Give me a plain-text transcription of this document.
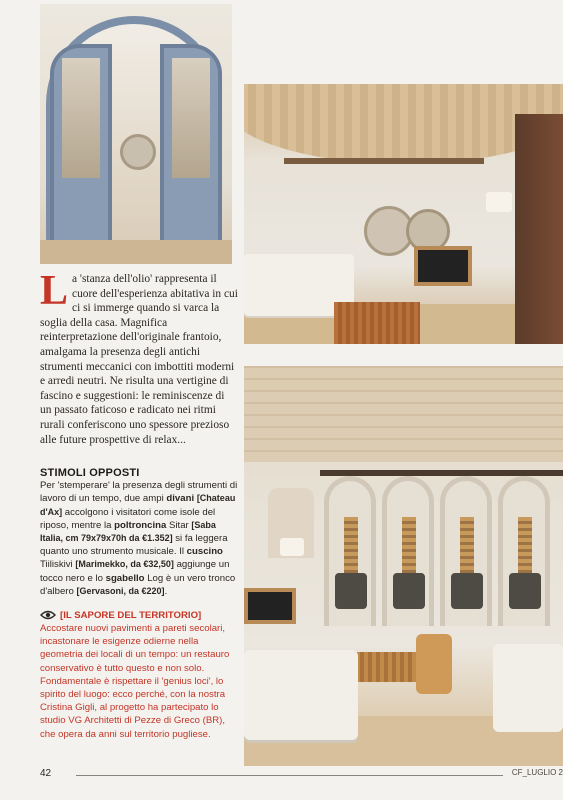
La 'stanza dell'olio' rappresenta il cuore dell'esperienza abitativa in cui ci si immerge quando si varca la soglia della casa. Magnifica reinterpretazione dell'originale frantoio, amalgama la presenza degli antichi strumenti meccanici con imbottiti moderni e arredi neutri. Ne risulta una vertigine di fascino e suggestioni: le reminiscenze di un passato faticoso e radicato nei ritmi rurali conferiscono uno spessore prezioso alle future prospettive di relax...

STIMOLI OPPOSTI

Per 'stemperare' la presenza degli strumenti di lavoro di un tempo, due ampi divani [Chateau d'Ax] accolgono i visitatori come isole del riposo, mentre la poltroncina Sitar [Saba Italia, cm 79x79x70h da €1.352] si fa leggera quanto uno strumento musicale. Il cuscino Tiiliskivi [Marimekko, da €32,50] aggiunge un tocco nero e lo sgabello Log è un vero tronco d'albero [Gervasoni, da €220].

[IL SAPORE DEL TERRITORIO]

Accostare nuovi pavimenti a pareti secolari, incastonare le esigenze odierne nella geometria dei locali di un tempo: un restauro conservativo è tutto questo e non solo. Fondamentale è rispettare il 'genius loci', lo spirito del luogo: ecco perché, con la nostra Cristina Gigli, al progetto ha partecipato lo studio VG Architetti di Pezze di Greco (BR), che opera da anni sul territorio pugliese.

42	CF_LUGLIO 2
